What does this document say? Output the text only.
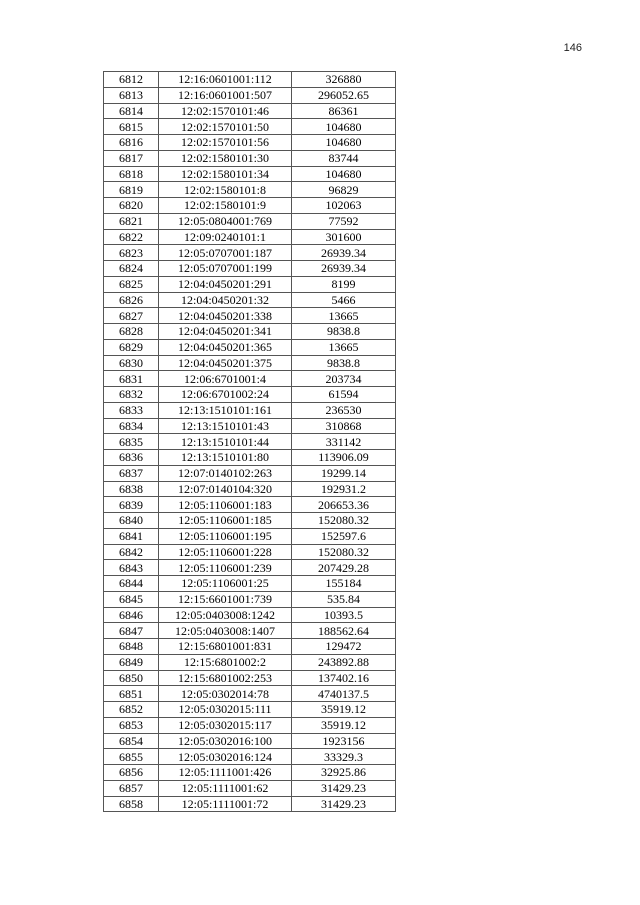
146
6812	12:16:0601001:112	326880
6813	12:16:0601001:507	296052.65
6814	12:02:1570101:46	86361
6815	12:02:1570101:50	104680
6816	12:02:1570101:56	104680
6817	12:02:1580101:30	83744
6818	12:02:1580101:34	104680
6819	12:02:1580101:8	96829
6820	12:02:1580101:9	102063
6821	12:05:0804001:769	77592
6822	12:09:0240101:1	301600
6823	12:05:0707001:187	26939.34
6824	12:05:0707001:199	26939.34
6825	12:04:0450201:291	8199
6826	12:04:0450201:32	5466
6827	12:04:0450201:338	13665
6828	12:04:0450201:341	9838.8
6829	12:04:0450201:365	13665
6830	12:04:0450201:375	9838.8
6831	12:06:6701001:4	203734
6832	12:06:6701002:24	61594
6833	12:13:1510101:161	236530
6834	12:13:1510101:43	310868
6835	12:13:1510101:44	331142
6836	12:13:1510101:80	113906.09
6837	12:07:0140102:263	19299.14
6838	12:07:0140104:320	192931.2
6839	12:05:1106001:183	206653.36
6840	12:05:1106001:185	152080.32
6841	12:05:1106001:195	152597.6
6842	12:05:1106001:228	152080.32
6843	12:05:1106001:239	207429.28
6844	12:05:1106001:25	155184
6845	12:15:6601001:739	535.84
6846	12:05:0403008:1242	10393.5
6847	12:05:0403008:1407	188562.64
6848	12:15:6801001:831	129472
6849	12:15:6801002:2	243892.88
6850	12:15:6801002:253	137402.16
6851	12:05:0302014:78	4740137.5
6852	12:05:0302015:111	35919.12
6853	12:05:0302015:117	35919.12
6854	12:05:0302016:100	1923156
6855	12:05:0302016:124	33329.3
6856	12:05:1111001:426	32925.86
6857	12:05:1111001:62	31429.23
6858	12:05:1111001:72	31429.23
